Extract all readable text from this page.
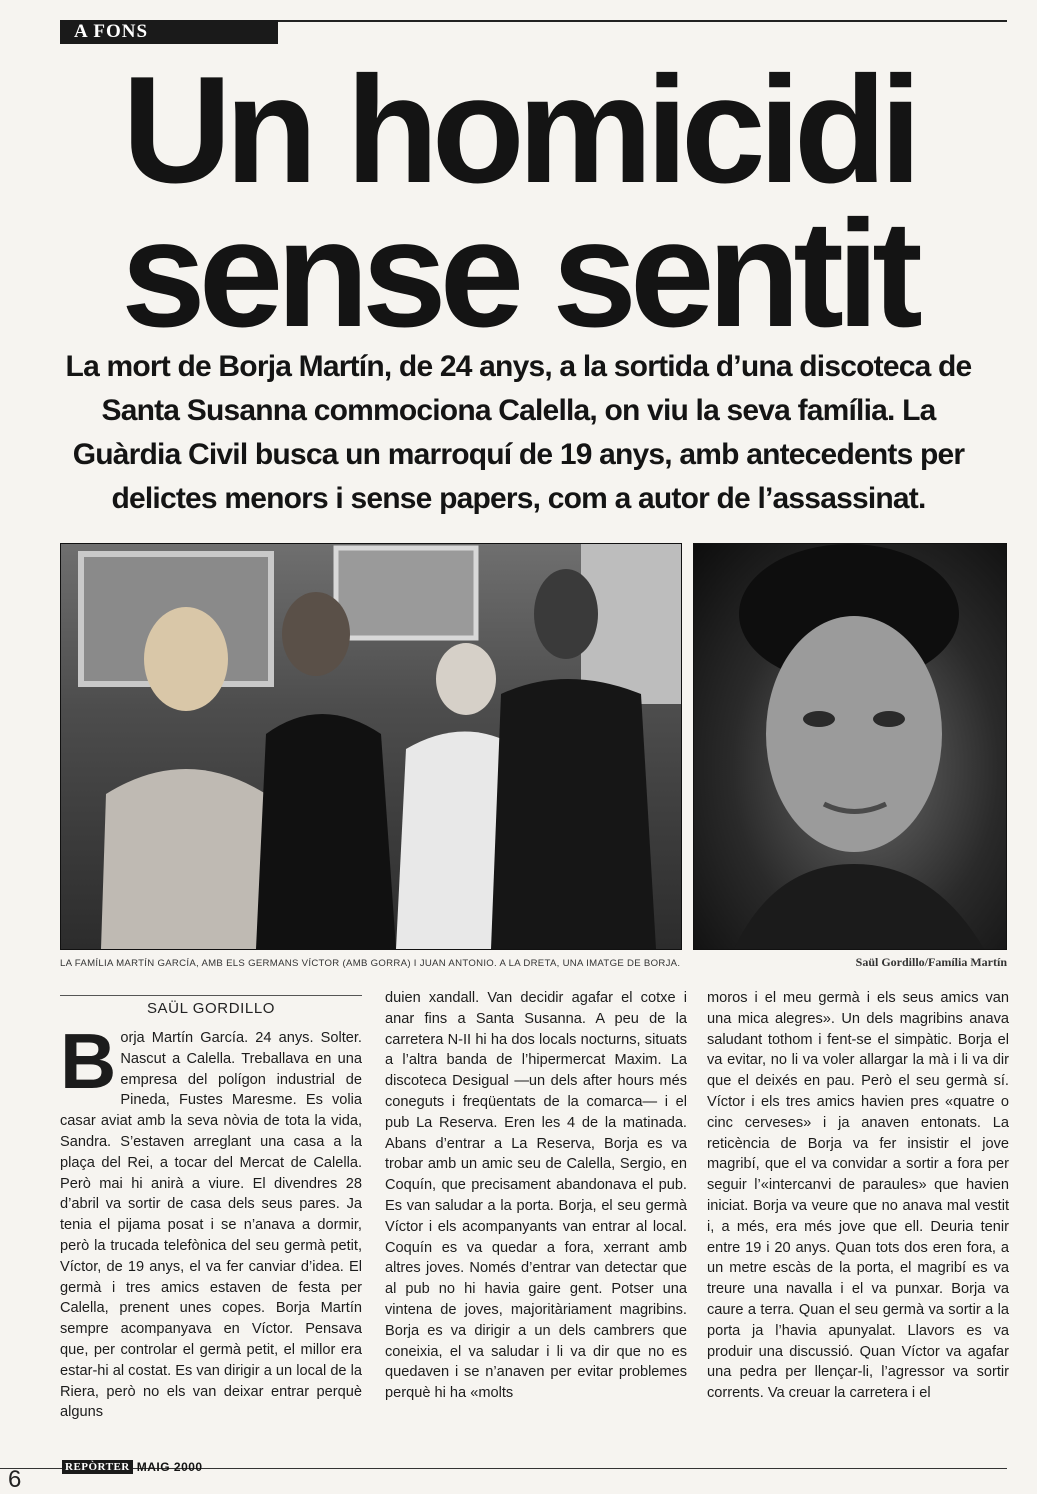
A FONS
Un homicidi
sense sentit
La mort de Borja Martín, de 24 anys, a la sortida d’una discoteca de Santa Susanna commociona Calella, on viu la seva família. La Guàrdia Civil busca un marroquí de 19 anys, amb antecedents per delictes menors i sense papers, com a autor de l’assassinat.
LA FAMÍLIA MARTÍN GARCÍA, AMB ELS GERMANS VÍCTOR (AMB GORRA) I JUAN ANTONIO. A LA DRETA, UNA IMATGE DE BORJA.	Saül Gordillo/Família Martín
SAÜL GORDILLO

Borja Martín García. 24 anys. Solter. Nascut a Calella. Treballava en una empresa del polígon industrial de Pineda, Fustes Maresme. Es volia casar aviat amb la seva nòvia de tota la vida, Sandra. S’estaven arreglant una casa a la plaça del Rei, a tocar del Mercat de Calella. Però mai hi anirà a viure. El divendres 28 d’abril va sortir de casa dels seus pares. Ja tenia el pijama posat i se n’anava a dormir, però la trucada telefònica del seu germà petit, Víctor, de 19 anys, el va fer canviar d’idea. El germà i tres amics estaven de festa per Calella, prenent unes copes. Borja Martín sempre acompanyava en Víctor. Pensava que, per controlar el germà petit, el millor era estar-hi al costat. Es van dirigir a un local de la Riera, però no els van deixar entrar perquè alguns

duien xandall. Van decidir agafar el cotxe i anar fins a Santa Susanna. A peu de la carretera N-II hi ha dos locals nocturns, situats a l’altra banda de l’hipermercat Maxim. La discoteca Desigual —un dels after hours més coneguts i freqüentats de la comarca— i el pub La Reserva. Eren les 4 de la matinada. Abans d’entrar a La Reserva, Borja es va trobar amb un amic seu de Calella, Sergio, en Coquín, que precisament abandonava el pub. Es van saludar a la porta. Borja, el seu germà Víctor i els acompanyants van entrar al local. Coquín es va quedar a fora, xerrant amb altres joves. Només d’entrar van detectar que al pub no hi havia gaire gent. Potser una vintena de joves, majoritàriament magribins. Borja es va dirigir a un dels cambrers que coneixia, el va saludar i li va dir que no es quedaven i se n’anaven per evitar problemes perquè hi ha «molts

moros i el meu germà i els seus amics van una mica alegres». Un dels magribins anava saludant tothom i fent-se el simpàtic. Borja el va evitar, no li va voler allargar la mà i li va dir que el deixés en pau. Però el seu germà sí. Víctor i els tres amics havien pres «quatre o cinc cerveses» i ja anaven entonats. La reticència de Borja va fer insistir el jove magribí, que el va convidar a sortir a fora per seguir l’«intercanvi de paraules» que havien iniciat. Borja va veure que no anava mal vestit i, a més, era més jove que ell. Deuria tenir entre 19 i 20 anys. Quan tots dos eren fora, a un metre escàs de la porta, el magribí es va treure una navalla i el va punxar. Borja va caure a terra. Quan el seu germà va sortir a la porta ja l’havia apunyalat. Llavors es va produir una discussió. Quan Víctor va agafar una pedra per llençar-li, l’agressor va sortir corrents. Va creuar la carretera i el

REPÒRTER MAIG 2000
6
